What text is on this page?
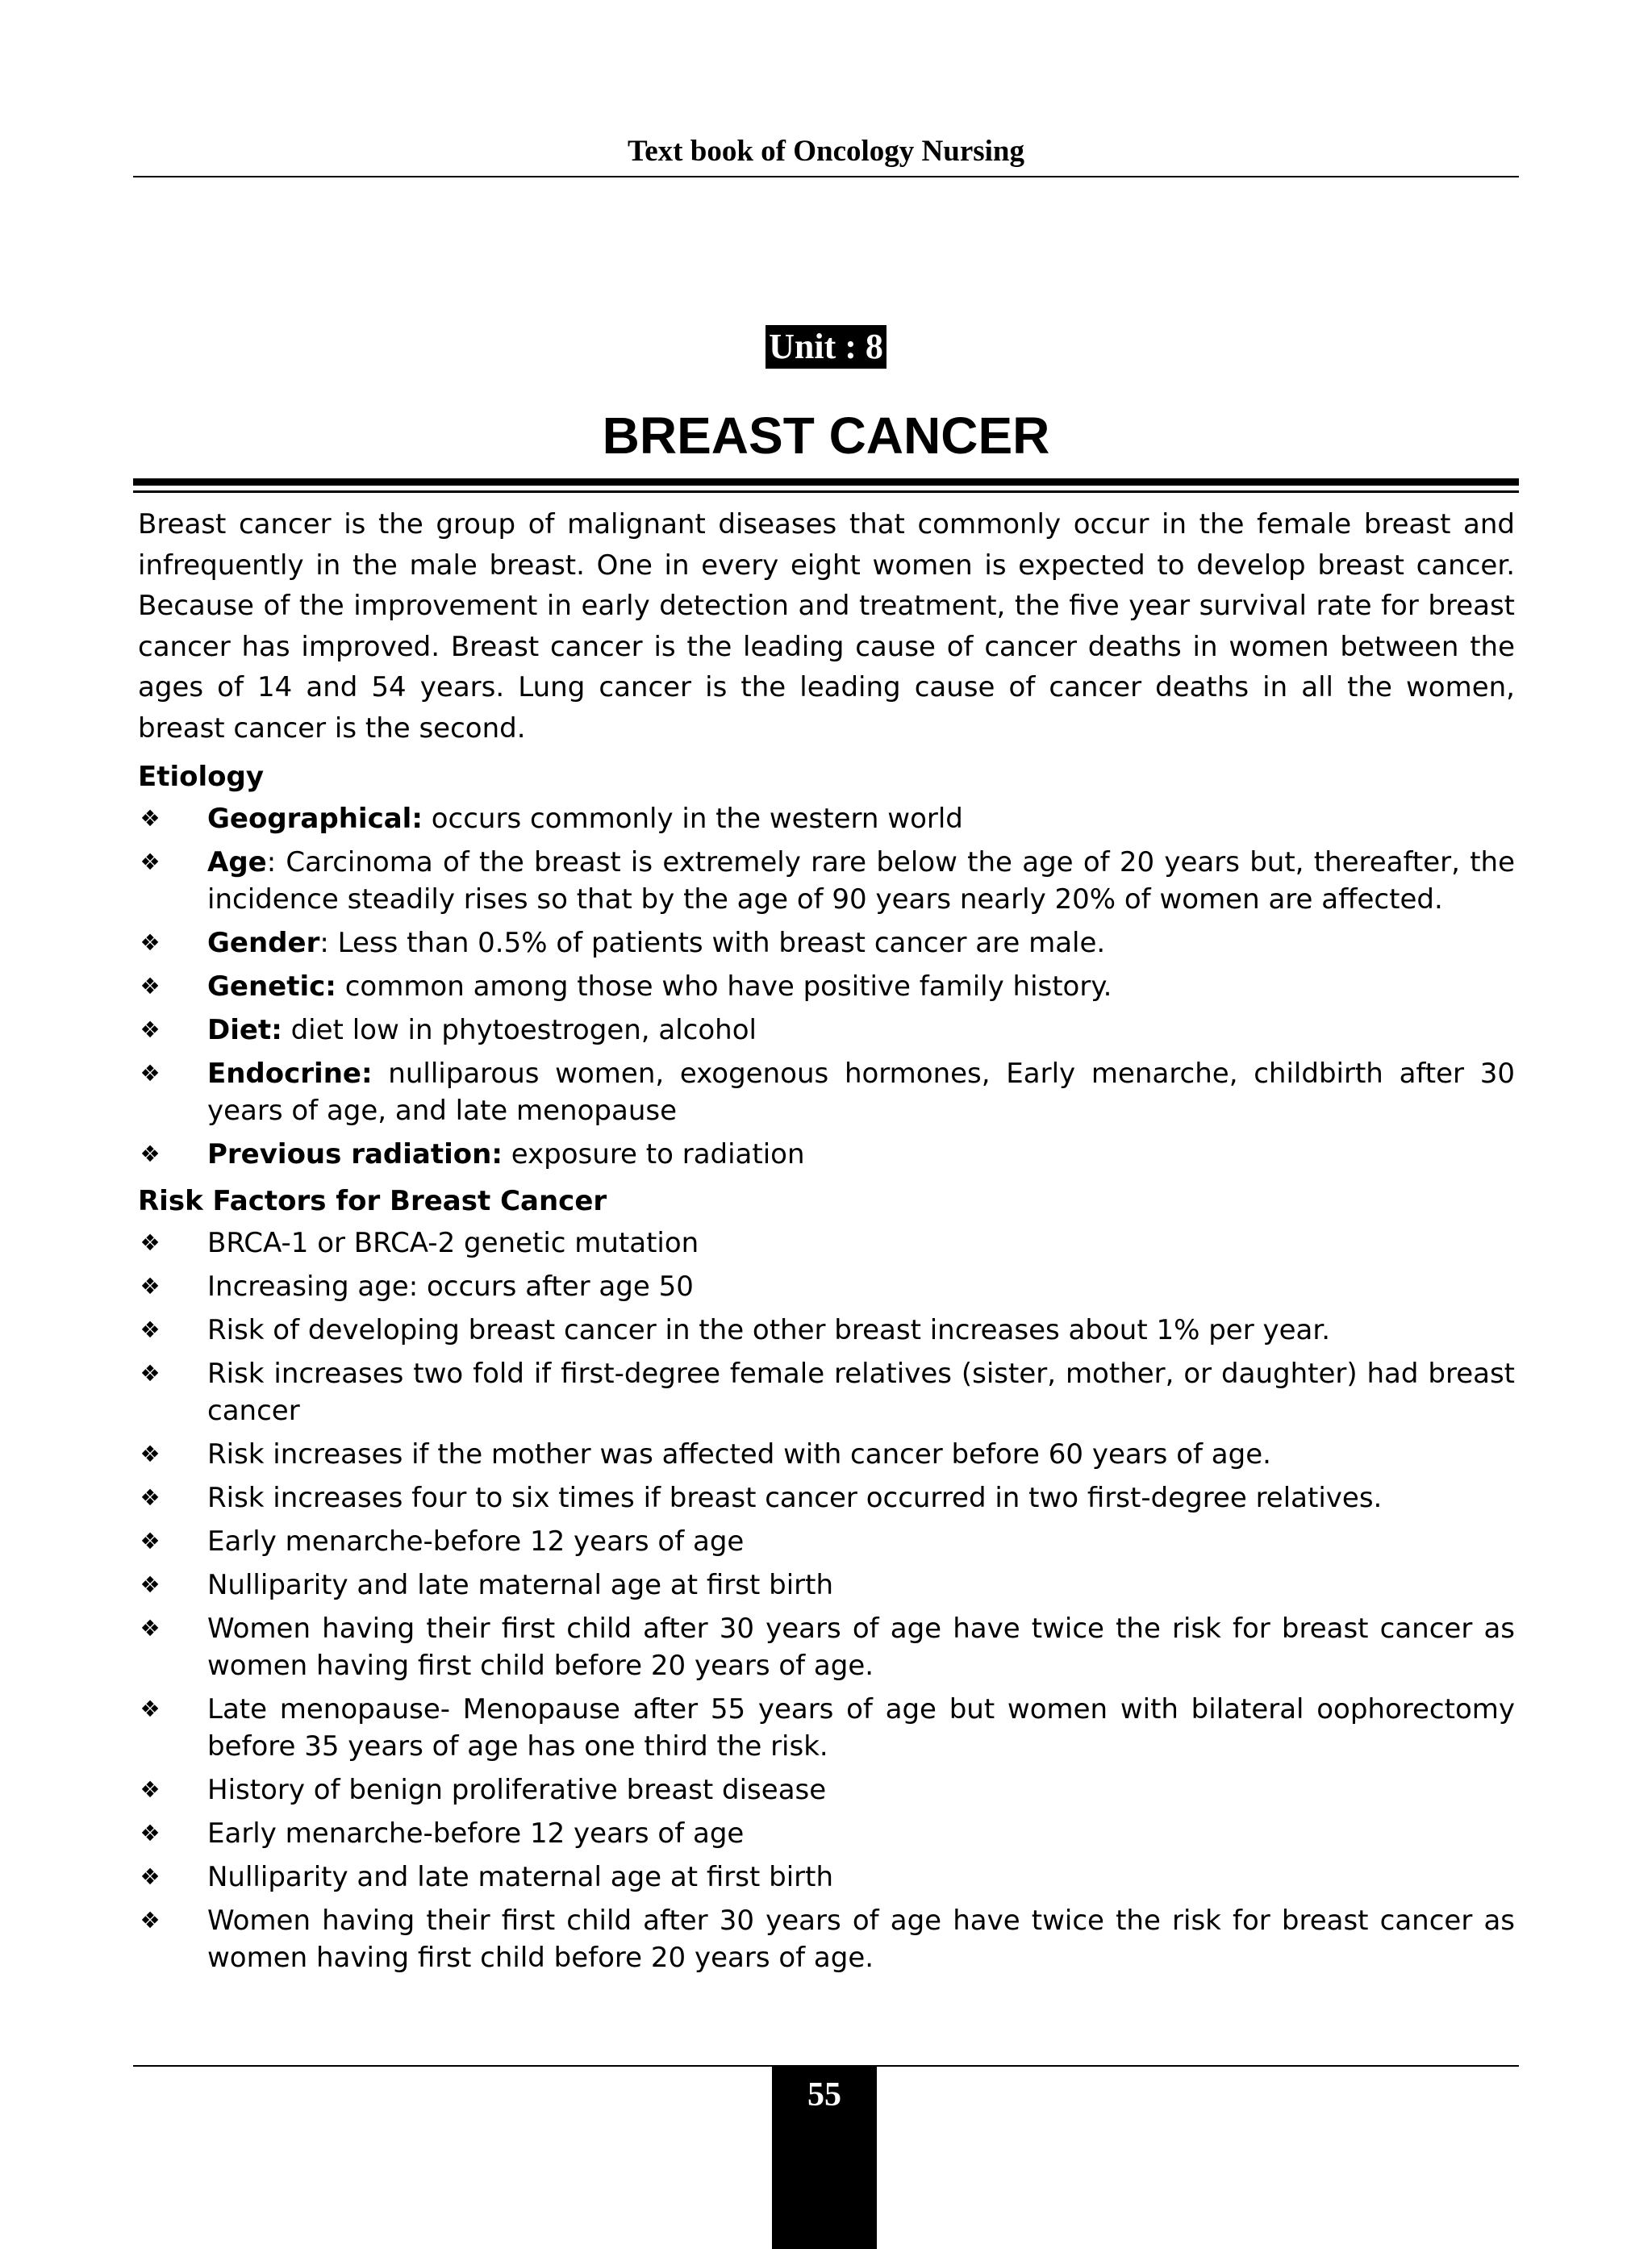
Text book of Oncology Nursing
Unit : 8
BREAST CANCER

Breast cancer is the group of malignant diseases that commonly occur in the female breast and infrequently in the male breast. One in every eight women is expected to develop breast cancer. Because of the improvement in early detection and treatment, the five year survival rate for breast cancer has improved. Breast cancer is the leading cause of cancer deaths in women between the ages of 14 and 54 years. Lung cancer is the leading cause of cancer deaths in all the women, breast cancer is the second.

Etiology
❖ Geographical: occurs commonly in the western world
❖ Age: Carcinoma of the breast is extremely rare below the age of 20 years but, thereafter, the incidence steadily rises so that by the age of 90 years nearly 20% of women are affected.
❖ Gender: Less than 0.5% of patients with breast cancer are male.
❖ Genetic: common among those who have positive family history.
❖ Diet: diet low in phytoestrogen, alcohol
❖ Endocrine: nulliparous women, exogenous hormones, Early menarche, childbirth after 30 years of age, and late menopause
❖ Previous radiation: exposure to radiation
Risk Factors for Breast Cancer
❖ BRCA-1 or BRCA-2 genetic mutation
❖ Increasing age: occurs after age 50
❖ Risk of developing breast cancer in the other breast increases about 1% per year.
❖ Risk increases two fold if first-degree female relatives (sister, mother, or daughter) had breast cancer
❖ Risk increases if the mother was affected with cancer before 60 years of age.
❖ Risk increases four to six times if breast cancer occurred in two first-degree relatives.
❖ Early menarche-before 12 years of age
❖ Nulliparity and late maternal age at first birth
❖ Women having their first child after 30 years of age have twice the risk for breast cancer as women having first child before 20 years of age.
❖ Late menopause- Menopause after 55 years of age but women with bilateral oophorectomy before 35 years of age has one third the risk.
❖ History of benign proliferative breast disease
❖ Early menarche-before 12 years of age
❖ Nulliparity and late maternal age at first birth
❖ Women having their first child after 30 years of age have twice the risk for breast cancer as women having first child before 20 years of age.
55
